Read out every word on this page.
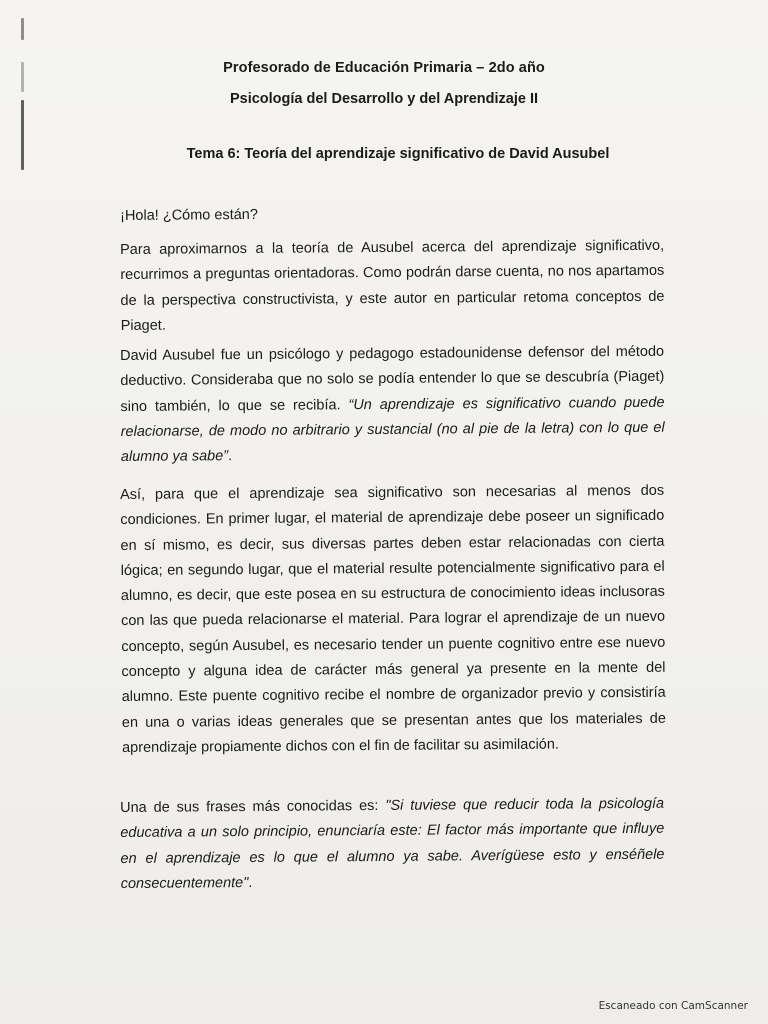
Profesorado de Educación Primaria – 2do año
Psicología del Desarrollo y del Aprendizaje II
Tema 6: Teoría del aprendizaje significativo de David Ausubel
¡Hola! ¿Cómo están?
Para aproximarnos a la teoría de Ausubel acerca del aprendizaje significativo, recurrimos a preguntas orientadoras. Como podrán darse cuenta, no nos apartamos de la perspectiva constructivista, y este autor en particular retoma conceptos de Piaget.
David Ausubel fue un psicólogo y pedagogo estadounidense defensor del método deductivo. Consideraba que no solo se podía entender lo que se descubría (Piaget) sino también, lo que se recibía. “Un aprendizaje es significativo cuando puede relacionarse, de modo no arbitrario y sustancial (no al pie de la letra) con lo que el alumno ya sabe”.
Así, para que el aprendizaje sea significativo son necesarias al menos dos condiciones. En primer lugar, el material de aprendizaje debe poseer un significado en sí mismo, es decir, sus diversas partes deben estar relacionadas con cierta lógica; en segundo lugar, que el material resulte potencialmente significativo para el alumno, es decir, que este posea en su estructura de conocimiento ideas inclusoras con las que pueda relacionarse el material. Para lograr el aprendizaje de un nuevo concepto, según Ausubel, es necesario tender un puente cognitivo entre ese nuevo concepto y alguna idea de carácter más general ya presente en la mente del alumno. Este puente cognitivo recibe el nombre de organizador previo y consistiría en una o varias ideas generales que se presentan antes que los materiales de aprendizaje propiamente dichos con el fin de facilitar su asimilación.
Una de sus frases más conocidas es: "Si tuviese que reducir toda la psicología educativa a un solo principio, enunciaría este: El factor más importante que influye en el aprendizaje es lo que el alumno ya sabe. Averígüese esto y enséñele consecuentemente".
Escaneado con CamScanner
